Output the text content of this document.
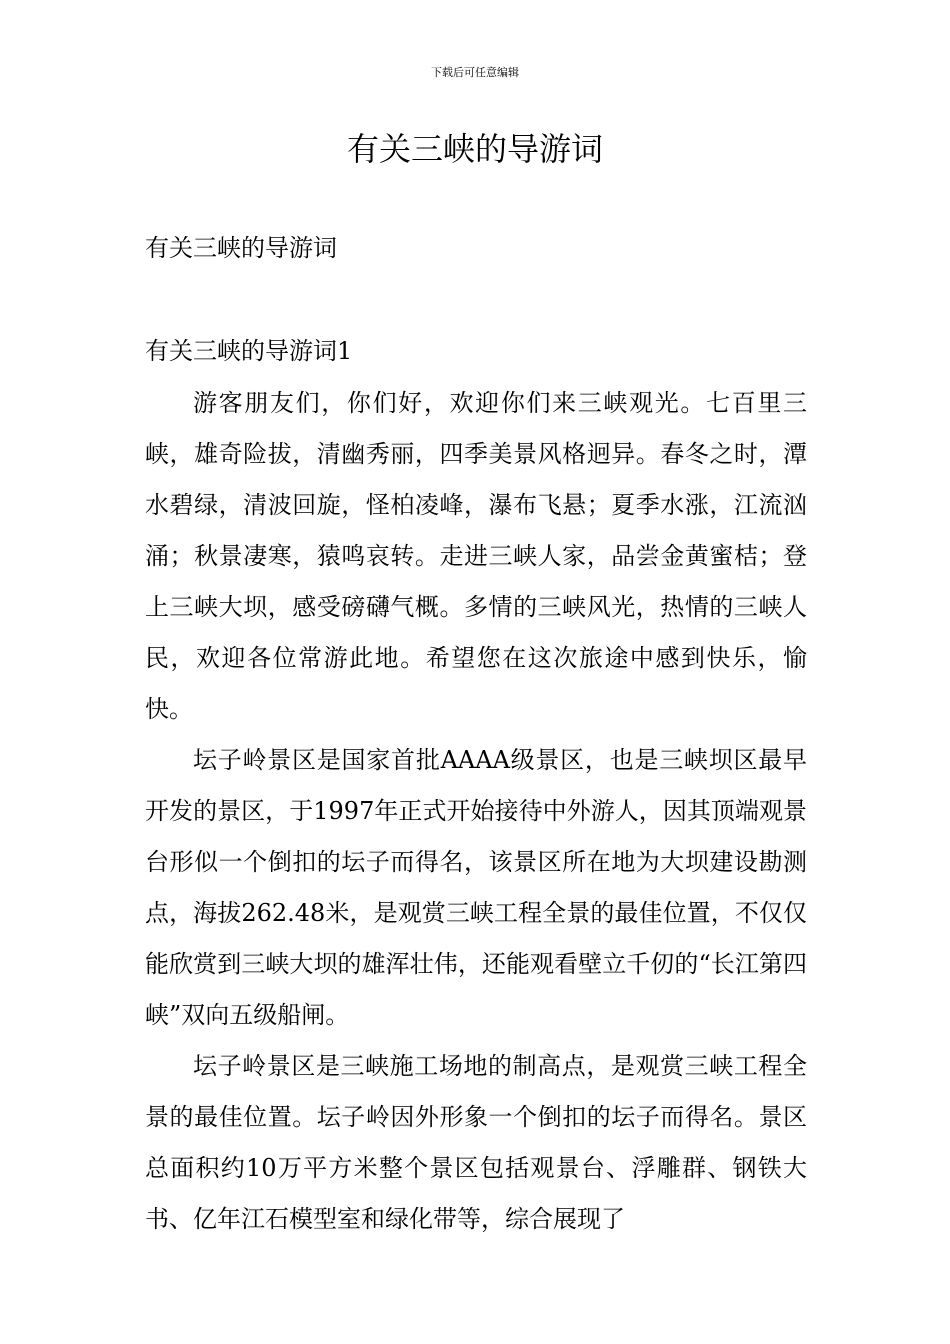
下载后可任意编辑
有关三峡的导游词
有关三峡的导游词
有关三峡的导游词1

游客朋友们，你们好，欢迎你们来三峡观光。七百里三峡，雄奇险拔，清幽秀丽，四季美景风格迥异。春冬之时，潭水碧绿，清波回旋，怪柏凌峰，瀑布飞悬；夏季水涨，江流汹涌；秋景凄寒，猿鸣哀转。走进三峡人家，品尝金黄蜜桔；登上三峡大坝，感受磅礴气概。多情的三峡风光，热情的三峡人民，欢迎各位常游此地。希望您在这次旅途中感到快乐，愉快。

坛子岭景区是国家首批AAAA级景区，也是三峡坝区最早开发的景区，于1997年正式开始接待中外游人，因其顶端观景台形似一个倒扣的坛子而得名，该景区所在地为大坝建设勘测点，海拔262.48米，是观赏三峡工程全景的最佳位置，不仅仅能欣赏到三峡大坝的雄浑壮伟，还能观看壁立千仞的“长江第四峡”双向五级船闸。

坛子岭景区是三峡施工场地的制高点，是观赏三峡工程全景的最佳位置。坛子岭因外形象一个倒扣的坛子而得名。景区总面积约10万平方米整个景区包括观景台、浮雕群、钢铁大书、亿年江石模型室和绿化带等，综合展现了
